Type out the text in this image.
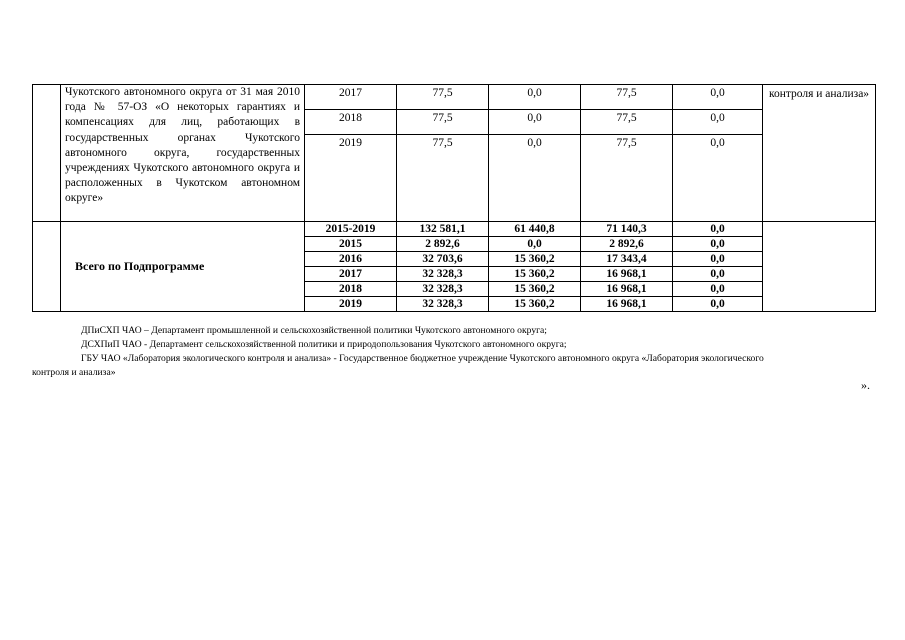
	Чукотского автономного округа от 31 мая 2010 года № 57-ОЗ «О некоторых гарантиях и компенсациях для лиц, работающих в государственных органах Чукотского автономного округа, государственных учреждениях Чукотского автономного округа и расположенных в Чукотском автономном округе»	2017	77,5	0,0	77,5	0,0	контроля и анализа»
		2018	77,5	0,0	77,5	0,0	
		2019	77,5	0,0	77,5	0,0	
	Всего по Подпрограмме	2015-2019	132 581,1	61 440,8	71 140,3	0,0	
		2015	2 892,6	0,0	2 892,6	0,0	
		2016	32 703,6	15 360,2	17 343,4	0,0	
		2017	32 328,3	15 360,2	16 968,1	0,0	
		2018	32 328,3	15 360,2	16 968,1	0,0	
		2019	32 328,3	15 360,2	16 968,1	0,0	
ДПиСХП ЧАО – Департамент промышленной и сельскохозяйственной политики Чукотского автономного округа;
ДСХПиП ЧАО - Департамент сельскохозяйственной политики и природопользования Чукотского автономного округа;
ГБУ ЧАО «Лаборатория экологического контроля и анализа» - Государственное бюджетное учреждение Чукотского автономного округа «Лаборатория экологического
контроля и анализа»
».
